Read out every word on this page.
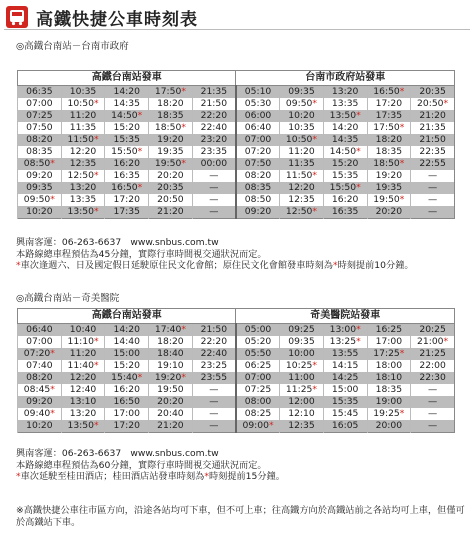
高鐵快捷公車時刻表
◎高鐵台南站－台南市政府
高鐵台南站發車					台南市政府站發車				
06:35	10:35	14:20	17:50*	21:35	05:10	09:35	13:20	16:50*	20:35
07:00	10:50*	14:35	18:20	21:50	05:30	09:50*	13:35	17:20	20:50*
07:25	11:20	14:50*	18:35	22:20	06:00	10:20	13:50*	17:35	21:20
07:50	11:35	15:20	18:50*	22:40	06:40	10:35	14:20	17:50*	21:35
08:20	11:50*	15:35	19:20	23:20	07:00	10:50*	14:35	18:20	21:50
08:35	12:20	15:50*	19:35	23:35	07:20	11:20	14:50*	18:35	22:35
08:50*	12:35	16:20	19:50*	00:00	07:50	11:35	15:20	18:50*	22:55
09:20	12:50*	16:35	20:20	—	08:20	11:50*	15:35	19:20	—
09:35	13:20	16:50*	20:35	—	08:35	12:20	15:50*	19:35	—
09:50*	13:35	17:20	20:50	—	08:50	12:35	16:20	19:50*	—
10:20	13:50*	17:35	21:20	—	09:20	12:50*	16:35	20:20	—
興南客運：06-263-6637　www.snbus.com.tw
本路線總車程預估為45分鐘，實際行車時間視交通狀況而定。
*車次逢週六、日及國定假日延駛原住民文化會館；原住民文化會館發車時刻為*時刻提前10分鐘。
◎高鐵台南站－奇美醫院
高鐵台南站發車					奇美醫院站發車				
06:40	10:40	14:20	17:40*	21:50	05:00	09:25	13:00*	16:25	20:25
07:00	11:10*	14:40	18:20	22:20	05:20	09:35	13:25*	17:00	21:00*
07:20*	11:20	15:00	18:40	22:40	05:50	10:00	13:55	17:25*	21:25
07:40	11:40*	15:20	19:10	23:25	06:25	10:25*	14:15	18:00	22:00
08:20	12:20	15:40*	19:20*	23:55	07:00	11:00	14:25	18:10	22:30
08:45*	12:40	16:20	19:50	—	07:25	11:25*	15:00	18:35	—
09:20	13:10	16:50	20:20	—	08:00	12:00	15:35	19:00	—
09:40*	13:20	17:00	20:40	—	08:25	12:10	15:45	19:25*	—
10:20	13:50*	17:20	21:20	—	09:00*	12:35	16:05	20:00	—
興南客運：06-263-6637　www.snbus.com.tw
本路線總車程預估為60分鐘，實際行車時間視交通狀況而定。
*車次延駛至桂田酒店；桂田酒店站發車時刻為*時刻提前15分鐘。
※高鐵快捷公車往市區方向，沿途各站均可下車，但不可上車；往高鐵方向於高鐵站前之各站均可上車，但僅可於高鐵站下車。
